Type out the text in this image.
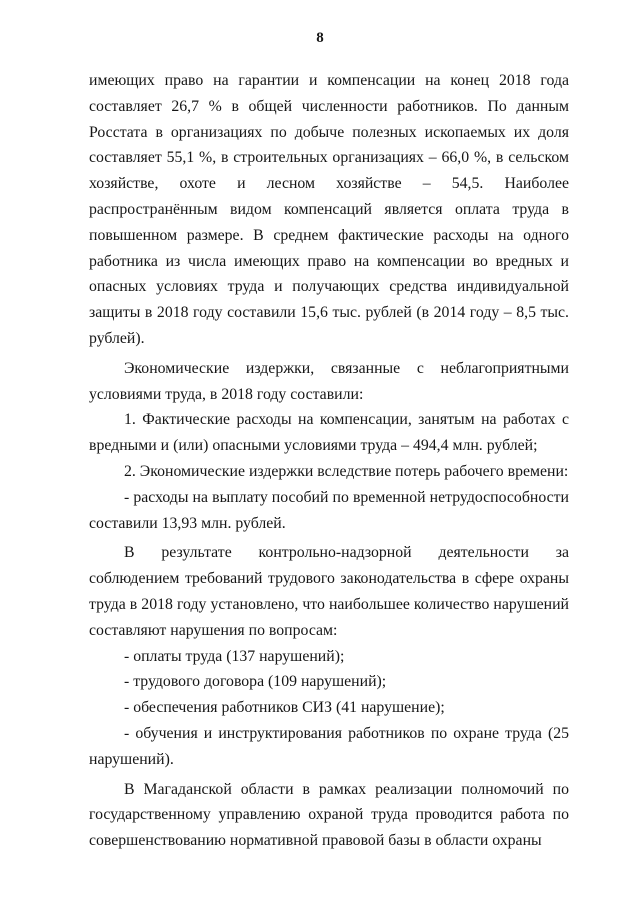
8

имеющих право на гарантии и компенсации на конец 2018 года составляет 26,7 % в общей численности работников. По данным Росстата в организациях по добыче полезных ископаемых их доля составляет 55,1 %, в строительных организациях – 66,0 %, в сельском хозяйстве, охоте и лесном хозяйстве – 54,5. Наиболее распространённым видом компенсаций является оплата труда в повышенном размере. В среднем фактические расходы на одного работника из числа имеющих право на компенсации во вредных и опасных условиях труда и получающих средства индивидуальной защиты в 2018 году составили 15,6 тыс. рублей (в 2014 году – 8,5 тыс. рублей).

Экономические издержки, связанные с неблагоприятными условиями труда, в 2018 году составили:

1. Фактические расходы на компенсации, занятым на работах с вредными и (или) опасными условиями труда – 494,4 млн. рублей;

2. Экономические издержки вследствие потерь рабочего времени:

- расходы на выплату пособий по временной нетрудоспособности составили 13,93 млн. рублей.

В результате контрольно-надзорной деятельности за соблюдением требований трудового законодательства в сфере охраны труда в 2018 году установлено, что наибольшее количество нарушений составляют нарушения по вопросам:

- оплаты труда (137 нарушений);

- трудового договора (109 нарушений);

- обеспечения работников СИЗ (41 нарушение);

- обучения и инструктирования работников по охране труда (25 нарушений).

В Магаданской области в рамках реализации полномочий по государственному управлению охраной труда проводится работа по совершенствованию нормативной правовой базы в области охраны
